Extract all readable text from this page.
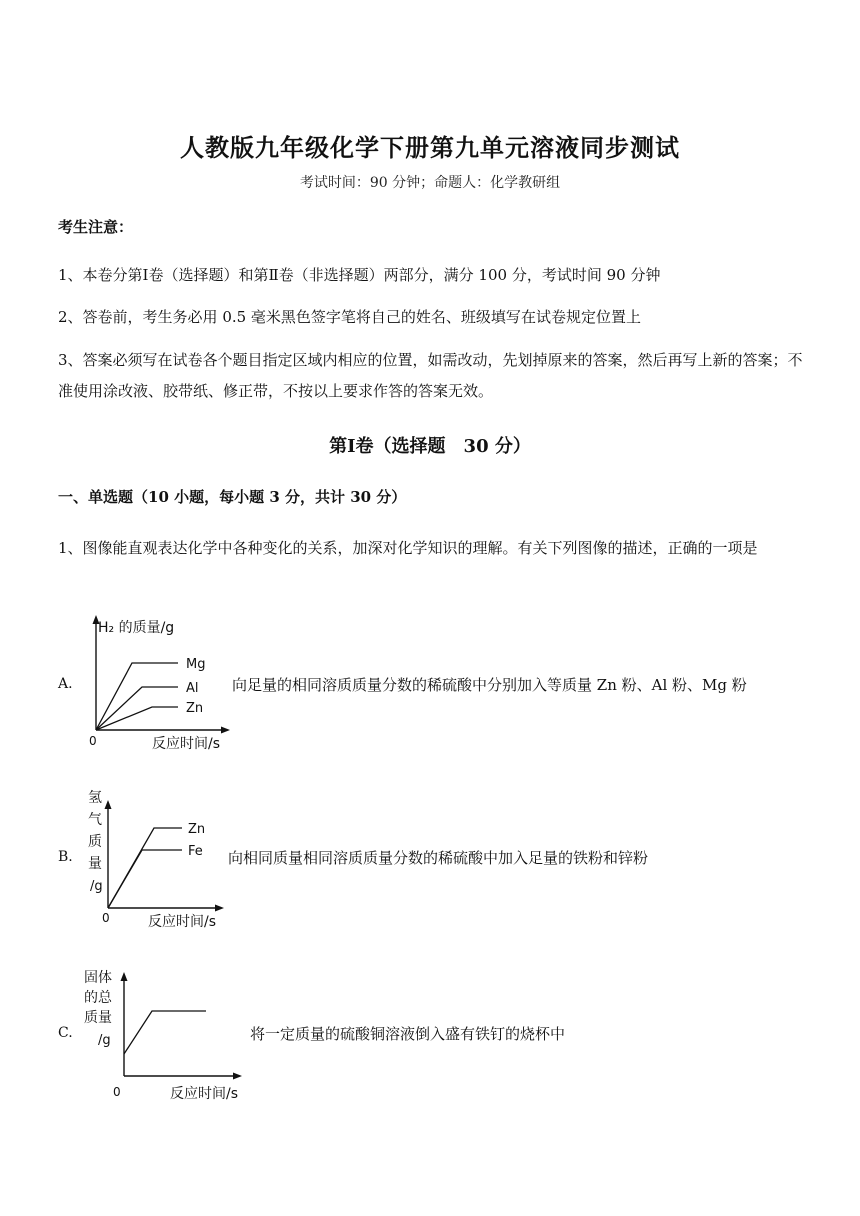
人教版九年级化学下册第九单元溶液同步测试
考试时间：90 分钟；命题人：化学教研组
考生注意：
1、本卷分第Ⅰ卷（选择题）和第Ⅱ卷（非选择题）两部分，满分 100 分，考试时间 90 分钟
2、答卷前，考生务必用 0.5 毫米黑色签字笔将自己的姓名、班级填写在试卷规定位置上
3、答案必须写在试卷各个题目指定区域内相应的位置，如需改动，先划掉原来的答案，然后再写上新的答案；不准使用涂改液、胶带纸、修正带，不按以上要求作答的答案无效。
第Ⅰ卷（选择题　30 分）
一、单选题（10 小题，每小题 3 分，共计 30 分）
1、图像能直观表达化学中各种变化的关系，加深对化学知识的理解。有关下列图像的描述，正确的一项是
A.
H₂ 的质量/g
Mg
Al
Zn
0	反应时间/s
向足量的相同溶质质量分数的稀硫酸中分别加入等质量 Zn 粉、Al 粉、Mg 粉
B.
氢
气
质
量
/g
Zn
Fe
0	反应时间/s
向相同质量相同溶质质量分数的稀硫酸中加入足量的铁粉和锌粉
C.
固体
的总
质量
/g
0	反应时间/s
将一定质量的硫酸铜溶液倒入盛有铁钉的烧杯中
